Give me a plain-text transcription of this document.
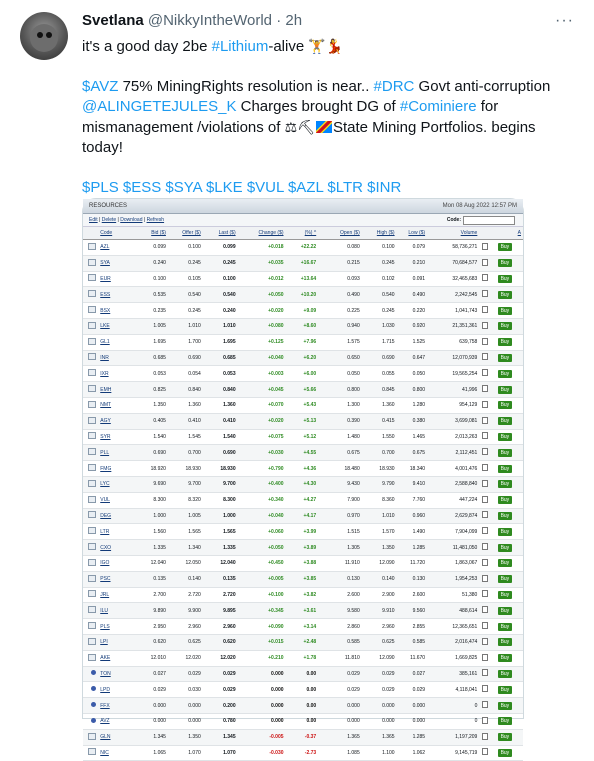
Svetlana @NikkyIntheWorld · 2h	···

it's a good day 2be #Lithium-alive 🏋💃

$AVZ 75% MiningRights resolution is near.. #DRC Govt anti-corruption @ALINGETEJULES_K Charges brought DG of #Cominiere for mismanagement /violations of ⚖⛏ State Mining Portfolios. begins today!

$PLS $ESS $SYA $LKE $VUL $AZL $LTR $INR

RESOURCES	Mon 08 Aug 2022 12:57 PM
Edit | Delete | Download | Refresh	Code:
	Code	Bid ($)	Offer ($)	Last ($)	Change ($)	(%) ^	Open ($)	High ($)	Low ($)	Volume			A
	AZL	0.099	0.100	0.099	+0.018	+22.22	0.080	0.100	0.079	58,736,271		Buy	
	SYA	0.240	0.245	0.245	+0.035	+16.67	0.215	0.245	0.210	70,684,577		Buy	
	EUR	0.100	0.105	0.100	+0.012	+13.64	0.093	0.102	0.091	32,465,683		Buy	
	ESS	0.535	0.540	0.540	+0.050	+10.20	0.490	0.540	0.490	2,242,545		Buy	
	BSX	0.235	0.245	0.240	+0.020	+9.09	0.225	0.245	0.220	1,041,743		Buy	
	LKE	1.005	1.010	1.010	+0.080	+8.60	0.940	1.030	0.920	21,351,361		Buy	
	GL1	1.695	1.700	1.695	+0.125	+7.96	1.575	1.715	1.525	639,758		Buy	
	INR	0.685	0.690	0.685	+0.040	+6.20	0.650	0.690	0.647	12,070,939		Buy	
	IXR	0.053	0.054	0.053	+0.003	+6.00	0.050	0.055	0.050	19,565,254		Buy	
	EMH	0.825	0.840	0.840	+0.045	+5.66	0.800	0.845	0.800	41,996		Buy	
	NMT	1.350	1.360	1.360	+0.070	+5.43	1.300	1.360	1.280	954,129		Buy	
	AGY	0.405	0.410	0.410	+0.020	+5.13	0.390	0.415	0.380	3,699,081		Buy	
	SYR	1.540	1.545	1.540	+0.075	+5.12	1.480	1.550	1.465	2,013,263		Buy	
	PLL	0.690	0.700	0.690	+0.030	+4.55	0.675	0.700	0.675	2,112,451		Buy	
	FMG	18.920	18.930	18.930	+0.790	+4.36	18.480	18.930	18.340	4,001,476		Buy	
	LYC	9.690	9.700	9.700	+0.400	+4.30	9.430	9.790	9.410	2,588,840		Buy	
	VUL	8.300	8.320	8.300	+0.340	+4.27	7.900	8.360	7.760	447,224		Buy	
	DEG	1.000	1.005	1.000	+0.040	+4.17	0.970	1.010	0.960	2,629,874		Buy	
	LTR	1.560	1.565	1.565	+0.060	+3.99	1.515	1.570	1.490	7,904,099		Buy	
	CXO	1.335	1.340	1.335	+0.050	+3.89	1.305	1.350	1.285	11,481,050		Buy	
	IGO	12.040	12.050	12.040	+0.450	+3.88	11.910	12.090	11.720	1,863,067		Buy	
	PSC	0.135	0.140	0.135	+0.005	+3.85	0.130	0.140	0.130	1,954,253		Buy	
	JRL	2.700	2.720	2.720	+0.100	+3.82	2.600	2.900	2.600	51,380		Buy	
	ILU	9.890	9.900	9.895	+0.345	+3.61	9.580	9.910	9.560	488,614		Buy	
	PLS	2.950	2.960	2.960	+0.090	+3.14	2.860	2.960	2.855	12,365,651		Buy	
	LPI	0.620	0.625	0.620	+0.015	+2.48	0.585	0.625	0.585	2,016,474		Buy	
	AKE	12.010	12.020	12.020	+0.210	+1.78	11.810	12.090	11.670	1,669,825		Buy	
	TON	0.027	0.029	0.029	0.000	0.00	0.029	0.029	0.027	385,161		Buy	
	LPD	0.029	0.030	0.029	0.000	0.00	0.029	0.029	0.029	4,118,041		Buy	
	FFX	0.000	0.000	0.200	0.000	0.00	0.000	0.000	0.000	0		Buy	
	AVZ	0.000	0.000	0.780	0.000	0.00	0.000	0.000	0.000	0		Buy	
	GLN	1.345	1.350	1.345	-0.005	-0.37	1.365	1.365	1.285	1,197,209		Buy	
	NIC	1.065	1.070	1.070	-0.030	-2.73	1.085	1.100	1.062	9,145,719		Buy	
